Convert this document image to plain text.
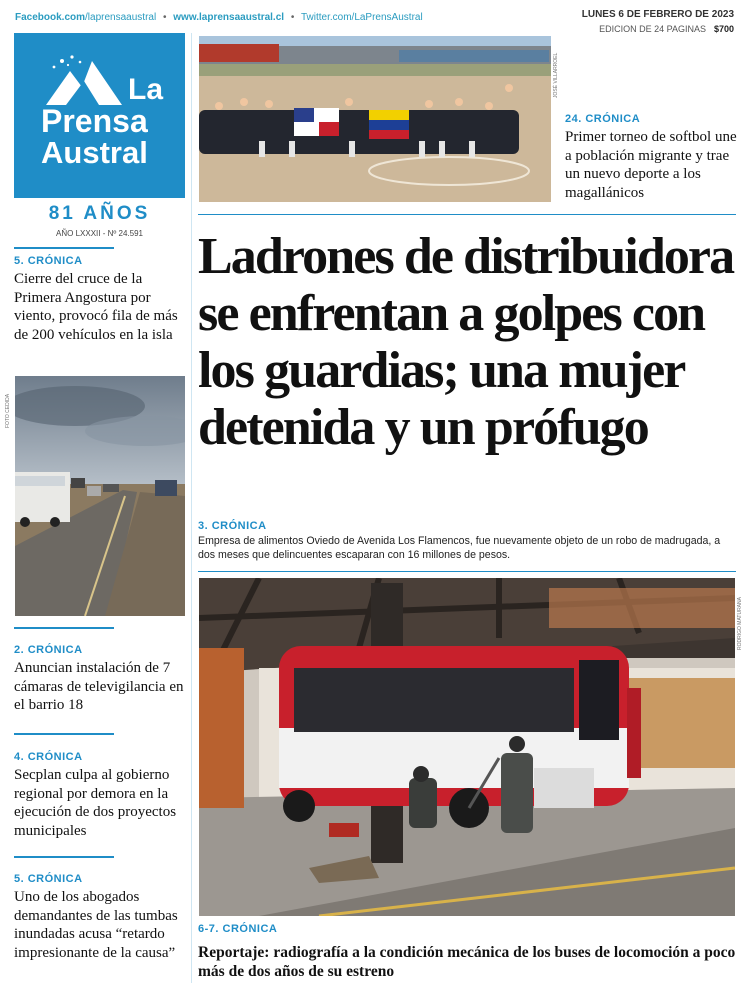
Facebook.com/laprensaaustral • www.laprensaaustral.cl • Twitter.com/LaPrensAustral	LUNES 6 DE FEBRERO DE 2023
EDICION DE 24 PAGINAS $700
La
Prensa
Austral
81 AÑOS
AÑO LXXXII - Nº 24.591
5. CRÓNICA
Cierre del cruce de la Primera Angostura por viento, provocó fila de más de 200 vehículos en la isla
FOTO CEDIDA
2. CRÓNICA
Anuncian instalación de 7 cámaras de televigilancia en el barrio 18
4. CRÓNICA
Secplan culpa al gobierno regional por demora en la ejecución de dos proyectos municipales
5. CRÓNICA
Uno de los abogados demandantes de las tumbas inundadas acusa “retardo impresionante de la causa”
JOSÉ VILLARROEL
24. CRÓNICA
Primer torneo de softbol une a población migrante y trae un nuevo deporte a los magallánicos
Ladrones de distribuidora se enfrentan a golpes con los guardias; una mujer detenida y un prófugo
3. CRÓNICA
Empresa de alimentos Oviedo de Avenida Los Flamencos, fue nuevamente objeto de un robo de madrugada, a dos meses que delincuentes escaparan con 16 millones de pesos.
RODRIGO MATURANA
6-7. CRÓNICA
Reportaje: radiografía a la condición mecánica de los buses de locomoción a poco más de dos años de su estreno
